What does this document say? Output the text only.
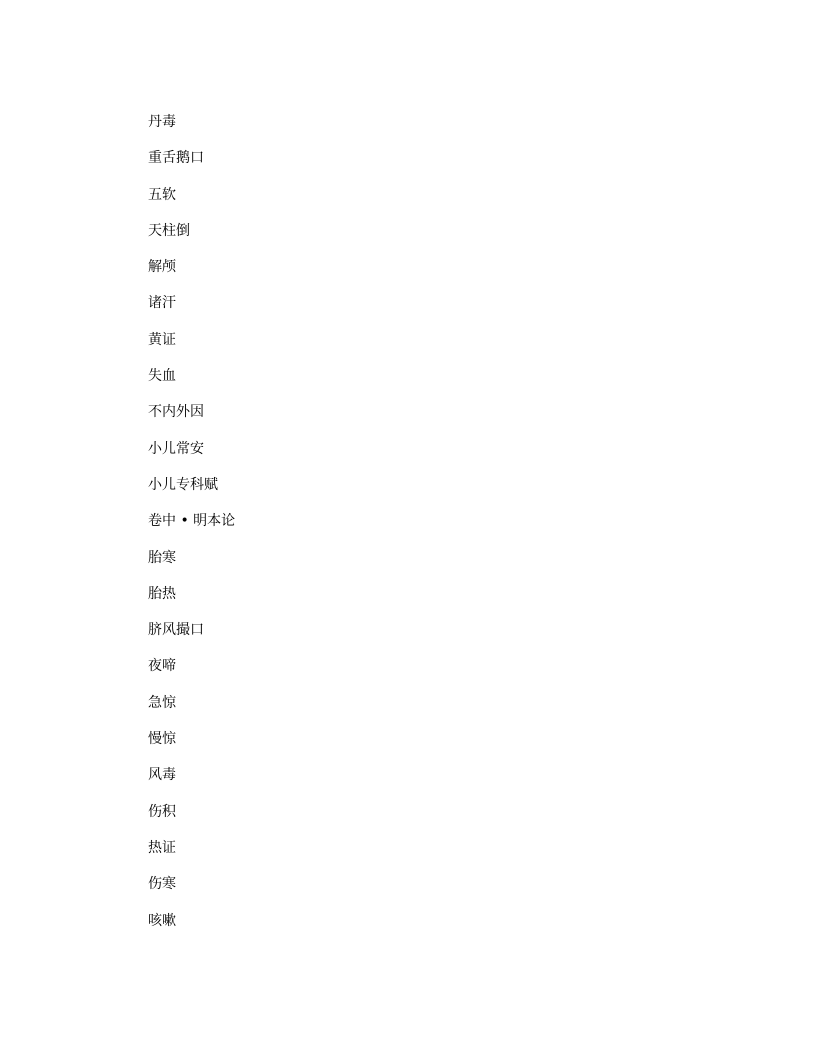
丹毒
重舌鹅口
五软
天柱倒
解颅
诸汗
黄证
失血
不内外因
小儿常安
小儿专科赋
卷中 • 明本论
胎寒
胎热
脐风撮口
夜啼
急惊
慢惊
风毒
伤积
热证
伤寒
咳嗽
